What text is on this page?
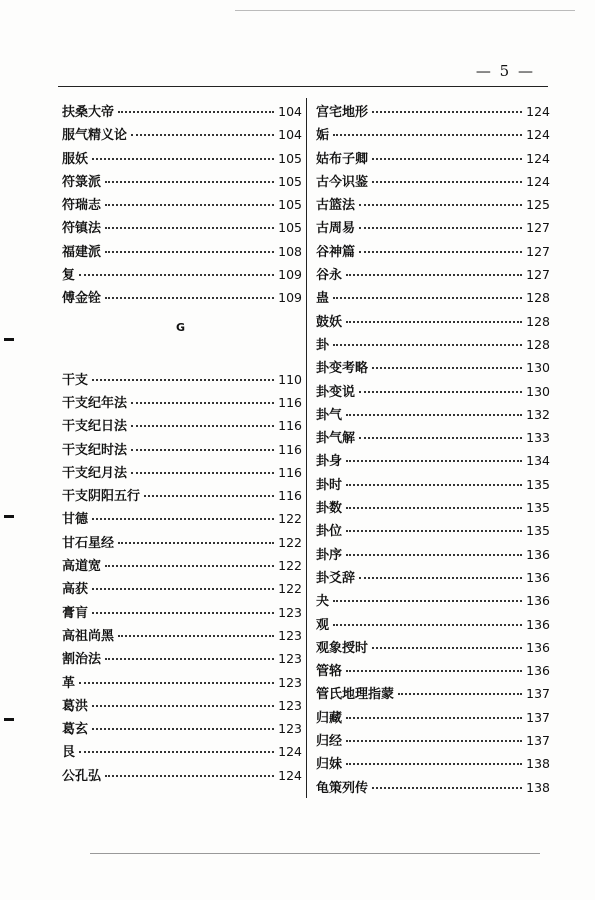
— 5 —
扶桑大帝	104
服气精义论	104
服妖	105
符箓派	105
符瑞志	105
符镇法	105
福建派	108
复	109
傅金铨	109
G
干支	110
干支纪年法	116
干支纪日法	116
干支纪时法	116
干支纪月法	116
干支阴阳五行	116
甘德	122
甘石星经	122
高道宽	122
高获	122
膏肓	123
高祖尚黑	123
割治法	123
革	123
葛洪	123
葛玄	123
艮	124
公孔弘	124
宫宅地形	124
姤	124
姑布子卿	124
古今识鉴	124
古篮法	125
古周易	127
谷神篇	127
谷永	127
蛊	128
鼓妖	128
卦	128
卦变考略	130
卦变说	130
卦气	132
卦气解	133
卦身	134
卦时	135
卦数	135
卦位	135
卦序	136
卦爻辞	136
夬	136
观	136
观象授时	136
管辂	136
管氏地理指蒙	137
归藏	137
归经	137
归妹	138
龟策列传	138
